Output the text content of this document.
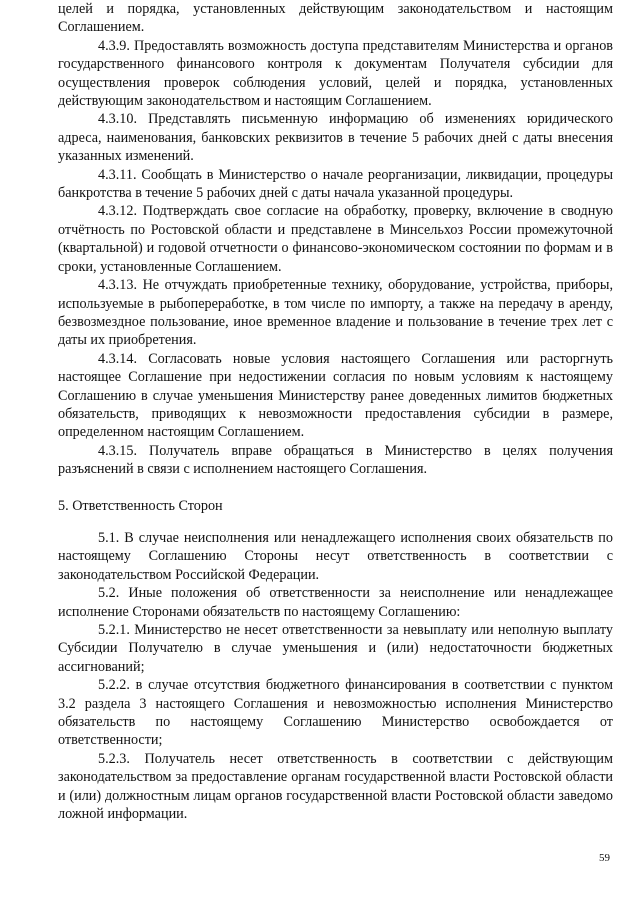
целей и порядка, установленных действующим законодательством и настоящим Соглашением.

4.3.9. Предоставлять возможность доступа представителям Министерства и органов государственного финансового контроля к документам Получателя субсидии для осуществления проверок соблюдения условий, целей и порядка, установленных действующим законодательством и настоящим Соглашением.

4.3.10. Представлять письменную информацию об изменениях юридического адреса, наименования, банковских реквизитов в течение 5 рабочих дней с даты внесения указанных изменений.

4.3.11. Сообщать в Министерство о начале реорганизации, ликвидации, процедуры банкротства в течение 5 рабочих дней с даты начала указанной процедуры.

4.3.12. Подтверждать свое согласие на обработку, проверку, включение в сводную отчётность по Ростовской области и представлене в Минсельхоз России промежуточной (квартальной) и годовой отчетности о финансово-экономическом состоянии по формам и в сроки, установленные Соглашением.

4.3.13. Не отчуждать приобретенные технику, оборудование, устройства, приборы, используемые в рыбопереработке, в том числе по импорту, а также на передачу в аренду, безвозмездное пользование, иное временное владение и пользование в течение трех лет с даты их приобретения.

4.3.14. Согласовать новые условия настоящего Соглашения или расторгнуть настоящее Соглашение при недостижении согласия по новым условиям к настоящему Соглашению в случае уменьшения Министерству ранее доведенных лимитов бюджетных обязательств, приводящих к невозможности предоставления субсидии в размере, определенном настоящим Соглашением.

4.3.15. Получатель вправе обращаться в Министерство в целях получения разъяснений в связи с исполнением настоящего Соглашения.

5. Ответственность Сторон

5.1. В случае неисполнения или ненадлежащего исполнения своих обязательств по настоящему Соглашению Стороны несут ответственность в соответствии с законодательством Российской Федерации.

5.2. Иные положения об ответственности за неисполнение или ненадлежащее исполнение Сторонами обязательств по настоящему Соглашению:

5.2.1. Министерство не несет ответственности за невыплату или неполную выплату Субсидии Получателю в случае уменьшения и (или) недостаточности бюджетных ассигнований;

5.2.2. в случае отсутствия бюджетного финансирования в соответствии с пунктом 3.2 раздела 3 настоящего Соглашения и невозможностью исполнения Министерство обязательств по настоящему Соглашению Министерство освобождается от ответственности;

5.2.3. Получатель несет ответственность в соответствии с действующим законодательством за предоставление органам государственной власти Ростовской области и (или) должностным лицам органов государственной власти Ростовской области заведомо ложной информации.

59
